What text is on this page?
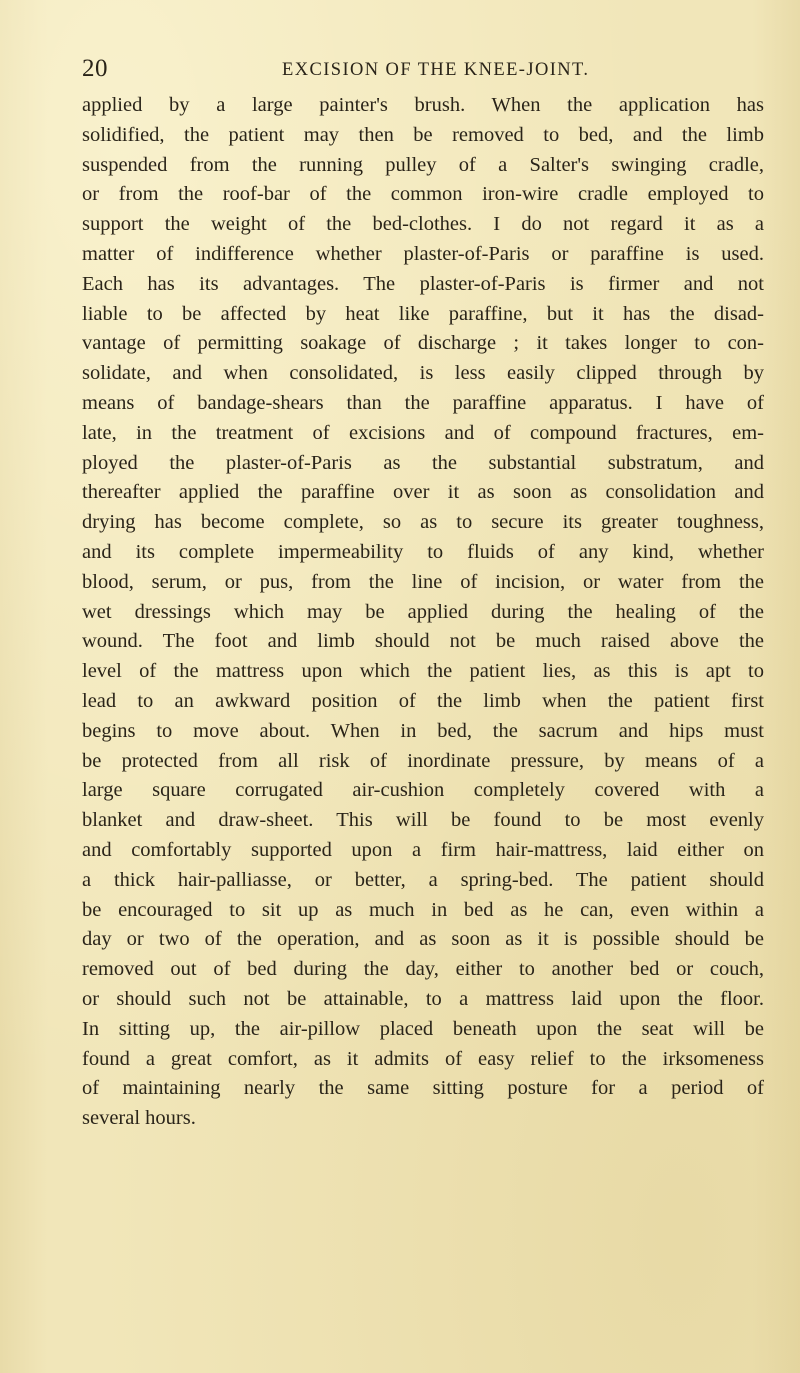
20	EXCISION OF THE KNEE-JOINT.
applied by a large painter's brush. When the application has
solidified, the patient may then be removed to bed, and the limb
suspended from the running pulley of a Salter's swinging cradle,
or from the roof-bar of the common iron-wire cradle employed to
support the weight of the bed-clothes. I do not regard it as a
matter of indifference whether plaster-of-Paris or paraffine is used.
Each has its advantages. The plaster-of-Paris is firmer and not
liable to be affected by heat like paraffine, but it has the disad-
vantage of permitting soakage of discharge ; it takes longer to con-
solidate, and when consolidated, is less easily clipped through by
means of bandage-shears than the paraffine apparatus. I have of
late, in the treatment of excisions and of compound fractures, em-
ployed the plaster-of-Paris as the substantial substratum, and
thereafter applied the paraffine over it as soon as consolidation and
drying has become complete, so as to secure its greater toughness,
and its complete impermeability to fluids of any kind, whether
blood, serum, or pus, from the line of incision, or water from the
wet dressings which may be applied during the healing of the
wound. The foot and limb should not be much raised above the
level of the mattress upon which the patient lies, as this is apt to
lead to an awkward position of the limb when the patient first
begins to move about. When in bed, the sacrum and hips must
be protected from all risk of inordinate pressure, by means of a
large square corrugated air-cushion completely covered with a
blanket and draw-sheet. This will be found to be most evenly
and comfortably supported upon a firm hair-mattress, laid either on
a thick hair-palliasse, or better, a spring-bed. The patient should
be encouraged to sit up as much in bed as he can, even within a
day or two of the operation, and as soon as it is possible should be
removed out of bed during the day, either to another bed or couch,
or should such not be attainable, to a mattress laid upon the floor.
In sitting up, the air-pillow placed beneath upon the seat will be
found a great comfort, as it admits of easy relief to the irksomeness
of maintaining nearly the same sitting posture for a period of
several hours.
